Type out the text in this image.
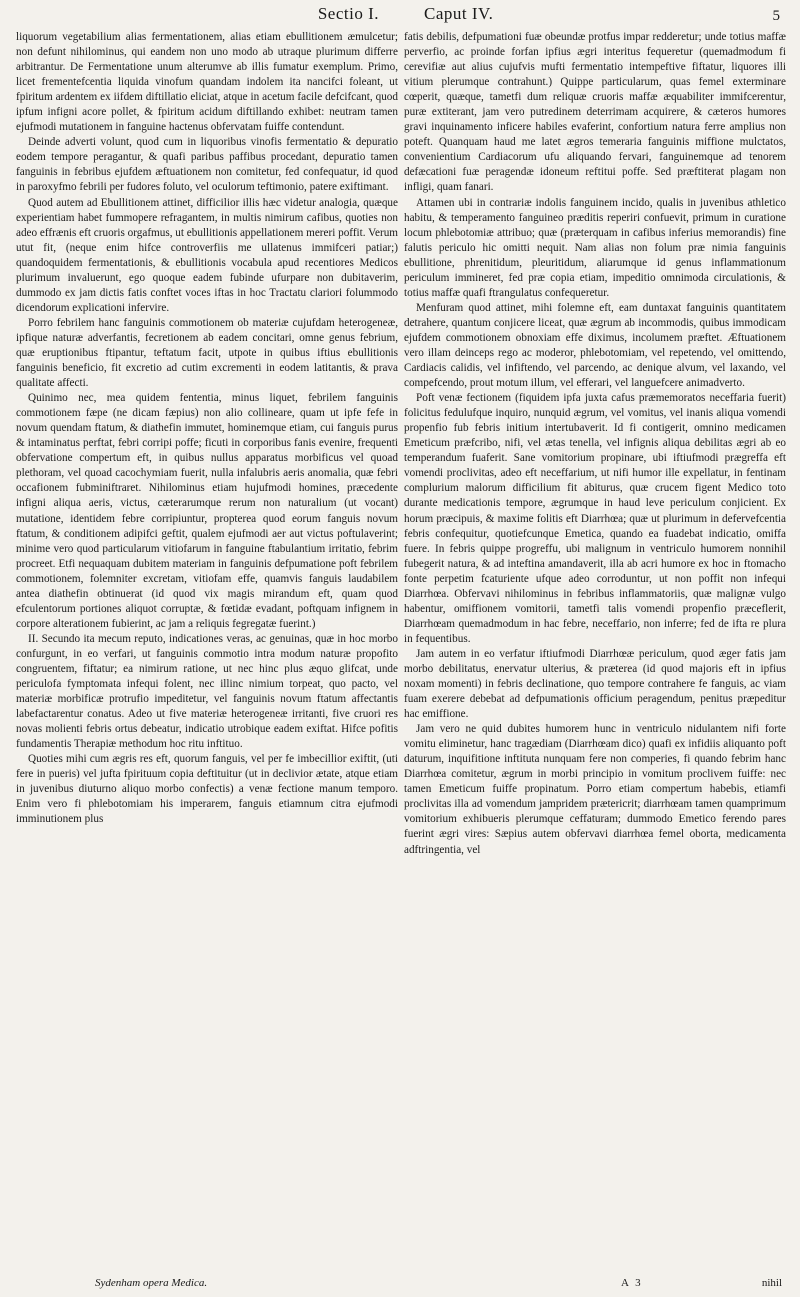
Sectio I.	Caput IV.	5

liquorum vegetabilium alias fermentationem, alias etiam ebullitionem æmulcetur; non defunt nihilominus, qui eandem non uno modo ab utraque plurimum differre arbitrantur. De Fermentatione unum alterumve ab illis fumatur exemplum. Primo, licet frementefcentia liquida vinofum quandam indolem ita nancifci foleant, ut fpiritum ardentem ex iifdem diftillatio eliciat, atque in acetum facile defcifcant, quod ipfum infigni acore pollet, & fpiritum acidum diftillando exhibet: neutram tamen ejufmodi mutationem in fanguine hactenus obfervatam fuiffe contendunt.

Deinde adverti volunt, quod cum in liquoribus vinofis fermentatio & depuratio eodem tempore peragantur, & quafi paribus paffibus procedant, depuratio tamen fanguinis in febribus ejufdem æftuationem non comitetur, fed confequatur, id quod in paroxyfmo febrili per fudores foluto, vel oculorum teftimonio, patere exiftimant.

Quod autem ad Ebullitionem attinet, difficilior illis hæc videtur analogia, quæque experientiam habet fummopere refragantem, in multis nimirum cafibus, quoties non adeo effrænis eft cruoris orgafmus, ut ebullitionis appellationem mereri poffit. Verum utut fit, (neque enim hifce controverfiis me ullatenus immifceri patiar;) quandoquidem fermentationis, & ebullitionis vocabula apud recentiores Medicos plurimum invaluerunt, ego quoque eadem fubinde ufurpare non dubitaverim, dummodo ex jam dictis fatis conftet voces iftas in hoc Tractatu clariori folummodo dicendorum explicationi infervire.

Porro febrilem hanc fanguinis commotionem ob materiæ cujufdam heterogeneæ, ipfique naturæ adverfantis, fecretionem ab eadem concitari, omne genus febrium, quæ eruptionibus ftipantur, teftatum facit, utpote in quibus iftius ebullitionis fanguinis beneficio, fit excretio ad cutim excrementi in eodem latitantis, & prava qualitate affecti.

Quinimo nec, mea quidem fententia, minus liquet, febrilem fanguinis commotionem fæpe (ne dicam fæpius) non alio collineare, quam ut ipfe fefe in novum quendam ftatum, & diathefin immutet, hominemque etiam, cui fanguis purus & intaminatus perftat, febri corripi poffe; ficuti in corporibus fanis evenire, frequenti obfervatione compertum eft, in quibus nullus apparatus morbificus vel quoad plethoram, vel quoad cacochymiam fuerit, nulla infalubris aeris anomalia, quæ febri occafionem fubminiftraret. Nihilominus etiam hujufmodi homines, præcedente infigni aliqua aeris, victus, cæterarumque rerum non naturalium (ut vocant) mutatione, identidem febre corripiuntur, propterea quod eorum fanguis novum ftatum, & conditionem adipifci geftit, qualem ejufmodi aer aut victus poftulaverint; minime vero quod particularum vitiofarum in fanguine ftabulantium irritatio, febrim procreet. Etfi nequaquam dubitem materiam in fanguinis defpumatione poft febrilem commotionem, folemniter excretam, vitiofam effe, quamvis fanguis laudabilem antea diathefin obtinuerat (id quod vix magis mirandum eft, quam quod efculentorum portiones aliquot corruptæ, & fœtidæ evadant, poftquam infignem in corpore alterationem fubierint, ac jam a reliquis fegregatæ fuerint.)

II. Secundo ita mecum reputo, indicationes veras, ac genuinas, quæ in hoc morbo confurgunt, in eo verfari, ut fanguinis commotio intra modum naturæ propofito congruentem, fiftatur; ea nimirum ratione, ut nec hinc plus æquo glifcat, unde periculofa fymptomata infequi folent, nec illinc nimium torpeat, quo pacto, vel materiæ morbificæ protrufio impeditetur, vel fanguinis novum ftatum affectantis labefactarentur conatus. Adeo ut five materiæ heterogeneæ irritanti, five cruori res novas molienti febris ortus debeatur, indicatio utrobique eadem exiftat. Hifce pofitis fundamentis Therapiæ methodum hoc ritu inftituo.

Quoties mihi cum ægris res eft, quorum fanguis, vel per fe imbecillior exiftit, (uti fere in pueris) vel jufta fpirituum copia deftituitur (ut in declivior ætate, atque etiam in juvenibus diuturno aliquo morbo confectis) a venæ fectione manum temporo. Enim vero fi phlebotomiam his imperarem, fanguis etiamnum citra ejufmodi imminutionem plus

fatis debilis, defpumationi fuæ obeundæ protfus impar redderetur; unde totius maffæ perverfio, ac proinde forfan ipfius ægri interitus fequeretur (quemadmodum fi cerevifiæ aut alius cujufvis mufti fermentatio intempeftive fiftatur, liquores illi vitium plerumque contrahunt.) Quippe particularum, quas femel exterminare cœperit, quæque, tametfi dum reliquæ cruoris maffæ æquabiliter immifcerentur, puræ extiterant, jam vero putredinem deterrimam acquirere, & cæteros humores gravi inquinamento inficere habiles evaferint, confortium natura ferre amplius non poteft. Quanquam haud me latet ægros temeraria fanguinis miffione mulctatos, convenientium Cardiacorum ufu aliquando fervari, fanguinemque ad tenorem defæcationi fuæ peragendæ idoneum reftitui poffe. Sed præftiterat plagam non infligi, quam fanari.

Attamen ubi in contrariæ indolis fanguinem incido, qualis in juvenibus athletico habitu, & temperamento fanguineo præditis reperiri confuevit, primum in curatione locum phlebotomiæ attribuo; quæ (præterquam in cafibus inferius memorandis) fine falutis periculo hic omitti nequit. Nam alias non folum præ nimia fanguinis ebullitione, phrenitidum, pleuritidum, aliarumque id genus inflammationum periculum immineret, fed præ copia etiam, impeditio omnimoda circulationis, & totius maffæ quafi ftrangulatus confequeretur.

Menfuram quod attinet, mihi folemne eft, eam duntaxat fanguinis quantitatem detrahere, quantum conjicere liceat, quæ ægrum ab incommodis, quibus immodicam ejufdem commotionem obnoxiam effe diximus, incolumem præftet. Æftuationem vero illam deinceps rego ac moderor, phlebotomiam, vel repetendo, vel omittendo, Cardiacis calidis, vel infiftendo, vel parcendo, ac denique alvum, vel laxando, vel compefcendo, prout motum illum, vel efferari, vel languefcere animadverto.

Poft venæ fectionem (fiquidem ipfa juxta cafus præmemoratos neceffaria fuerit) folicitus fedulufque inquiro, nunquid ægrum, vel vomitus, vel inanis aliqua vomendi propenfio fub febris initium intertubaverit. Id fi contigerit, omnino medicamen Emeticum præfcribo, nifi, vel ætas tenella, vel infignis aliqua debilitas ægri ab eo temperandum fuaferit. Sane vomitorium propinare, ubi iftiufmodi prægreffa eft vomendi proclivitas, adeo eft neceffarium, ut nifi humor ille expellatur, in fentinam complurium malorum difficilium fit abiturus, quæ crucem figent Medico toto durante medicationis tempore, ægrumque in haud leve periculum conjicient. Ex horum præcipuis, & maxime folitis eft Diarrhœa; quæ ut plurimum in defervefcentia febris confequitur, quotiefcunque Emetica, quando ea fuadebat indicatio, omiffa fuere. In febris quippe progreffu, ubi malignum in ventriculo humorem nonnihil fubegerit natura, & ad inteftina amandaverit, illa ab acri humore ex hoc in ftomacho fonte perpetim fcaturiente ufque adeo corroduntur, ut non poffit non infequi Diarrhœa. Obfervavi nihilominus in febribus inflammatoriis, quæ malignæ vulgo habentur, omiffionem vomitorii, tametfi talis vomendi propenfio præceflerit, Diarrhœam quemadmodum in hac febre, neceffario, non inferre; fed de ifta re plura in fequentibus.

Jam autem in eo verfatur iftiufmodi Diarrhœæ periculum, quod æger fatis jam morbo debilitatus, enervatur ulterius, & præterea (id quod majoris eft in ipfius noxam momenti) in febris declinatione, quo tempore contrahere fe fanguis, ac viam fuam exerere debebat ad defpumationis officium peragendum, penitus præpeditur hac emiffione.

Jam vero ne quid dubites humorem hunc in ventriculo nidulantem nifi forte vomitu eliminetur, hanc tragædiam (Diarrhœam dico) quafi ex infidiis aliquanto poft daturum, inquifitione inftituta nunquam fere non comperies, fi quando febrim hanc Diarrhœa comitetur, ægrum in morbi principio in vomitum proclivem fuiffe: nec tamen Emeticum fuiffe propinatum. Porro etiam compertum habebis, etiamfi proclivitas illa ad vomendum jampridem prætericrit; diarrhœam tamen quamprimum vomitorium exhibueris plerumque ceffaturam; dummodo Emetico ferendo pares fuerint ægri vires: Sæpius autem obfervavi diarrhœa femel oborta, medicamenta adftringentia, vel

Sydenham opera Medica.	A 3	nihil
